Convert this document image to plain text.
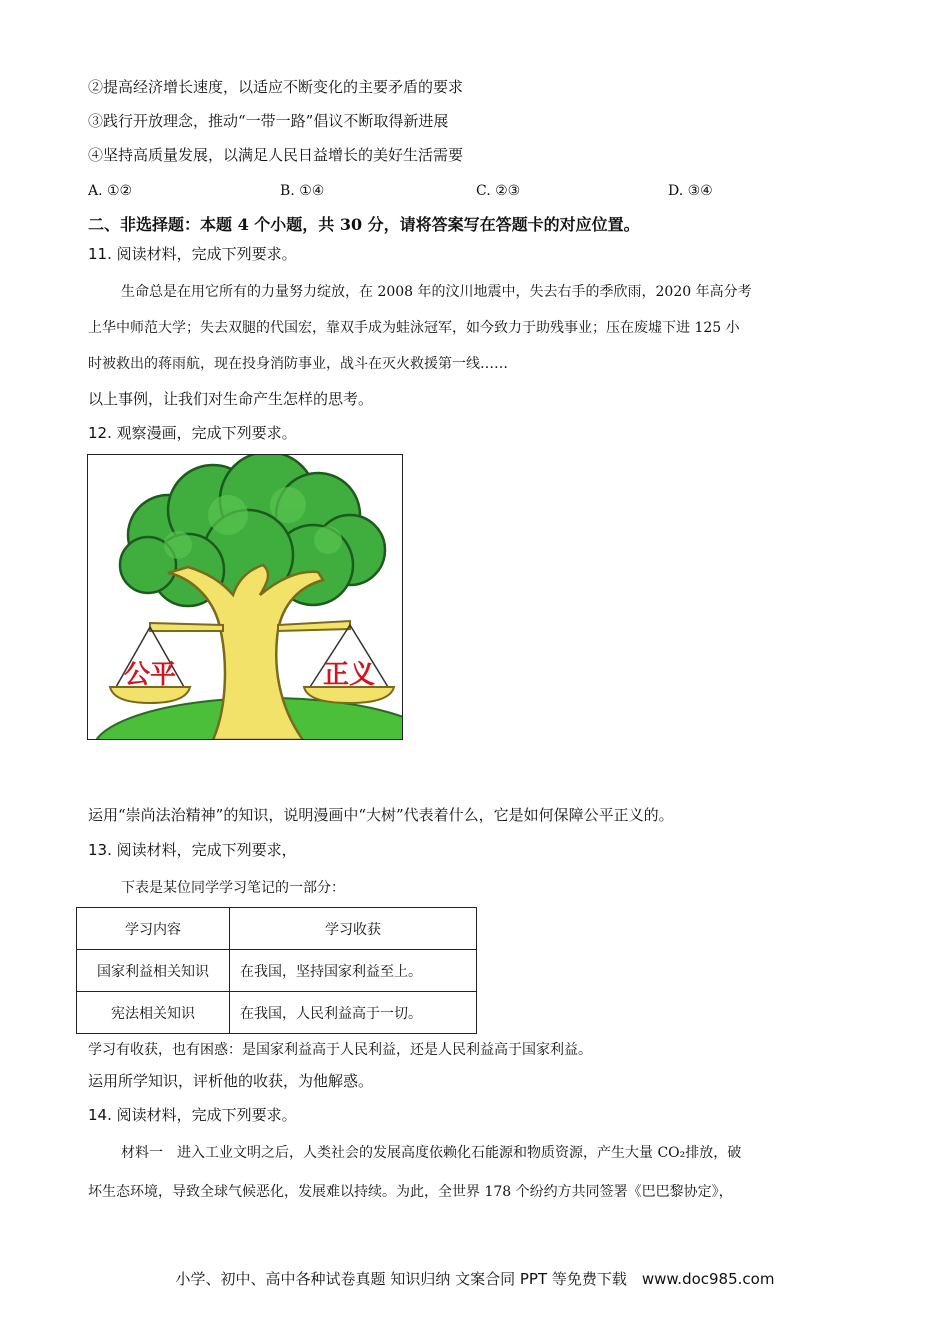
②提高经济增长速度，以适应不断变化的主要矛盾的要求
③践行开放理念，推动“一带一路”倡议不断取得新进展
④坚持高质量发展，以满足人民日益增长的美好生活需要
A. ①②	B. ①④	C. ②③	D. ③④
二、非选择题：本题 4 个小题，共 30 分，请将答案写在答题卡的对应位置。
11. 阅读材料，完成下列要求。
生命总是在用它所有的力量努力绽放，在 2008 年的汶川地震中，失去右手的季欣雨，2020 年高分考
上华中师范大学；失去双腿的代国宏，靠双手成为蛙泳冠军，如今致力于助残事业；压在废墟下进 125 小
时被救出的蒋雨航，现在投身消防事业，战斗在灭火救援第一线……
以上事例，让我们对生命产生怎样的思考。
12. 观察漫画，完成下列要求。
公平	正义
运用“崇尚法治精神”的知识，说明漫画中“大树”代表着什么，它是如何保障公平正义的。
13. 阅读材料，完成下列要求，
下表是某位同学学习笔记的一部分：
学习内容	学习收获
国家利益相关知识	在我国，坚持国家利益至上。
宪法相关知识	在我国，人民利益高于一切。
学习有收获，也有困惑：是国家利益高于人民利益，还是人民利益高于国家利益。
运用所学知识，评析他的收获，为他解惑。
14. 阅读材料，完成下列要求。
材料一　进入工业文明之后，人类社会的发展高度依赖化石能源和物质资源，产生大量 CO₂排放，破
坏生态环境，导致全球气候恶化，发展难以持续。为此，全世界 178 个纷约方共同签署《巴巴黎协定》，
小学、初中、高中各种试卷真题 知识归纳 文案合同 PPT 等免费下载　www.doc985.com
